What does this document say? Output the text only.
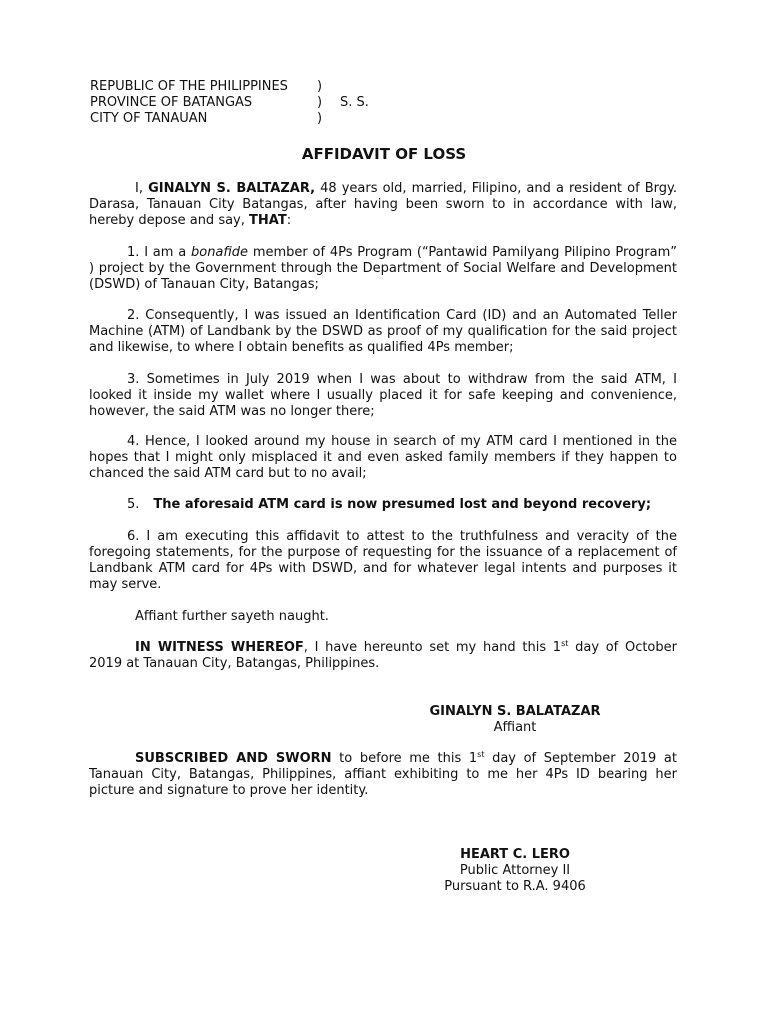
REPUBLIC OF THE PHILIPPINES )
PROVINCE OF BATANGAS	) S. S.
CITY OF TANAUAN	)
AFFIDAVIT OF LOSS
I, GINALYN S. BALTAZAR, 48 years old, married, Filipino, and a resident of Brgy. Darasa, Tanauan City Batangas, after having been sworn to in accordance with law, hereby depose and say, THAT:
1. I am a bonafide member of 4Ps Program (“Pantawid Pamilyang Pilipino Program” ) project by the Government through the Department of Social Welfare and Development (DSWD) of Tanauan City, Batangas;
2. Consequently, I was issued an Identification Card (ID) and an Automated Teller Machine (ATM) of Landbank by the DSWD as proof of my qualification for the said project and likewise, to where I obtain benefits as qualified 4Ps member;
3. Sometimes in July 2019 when I was about to withdraw from the said ATM, I looked it inside my wallet where I usually placed it for safe keeping and convenience, however, the said ATM was no longer there;
4. Hence, I looked around my house in search of my ATM card I mentioned in the hopes that I might only misplaced it and even asked family members if they happen to chanced the said ATM card but to no avail;
5. The aforesaid ATM card is now presumed lost and beyond recovery;
6. I am executing this affidavit to attest to the truthfulness and veracity of the foregoing statements, for the purpose of requesting for the issuance of a replacement of Landbank ATM card for 4Ps with DSWD, and for whatever legal intents and purposes it may serve.
Affiant further sayeth naught.
IN WITNESS WHEREOF, I have hereunto set my hand this 1st day of October 2019 at Tanauan City, Batangas, Philippines.
GINALYN S. BALATAZAR
Affiant
SUBSCRIBED AND SWORN to before me this 1st day of September 2019 at Tanauan City, Batangas, Philippines, affiant exhibiting to me her 4Ps ID bearing her picture and signature to prove her identity.
HEART C. LERO
Public Attorney II
Pursuant to R.A. 9406
